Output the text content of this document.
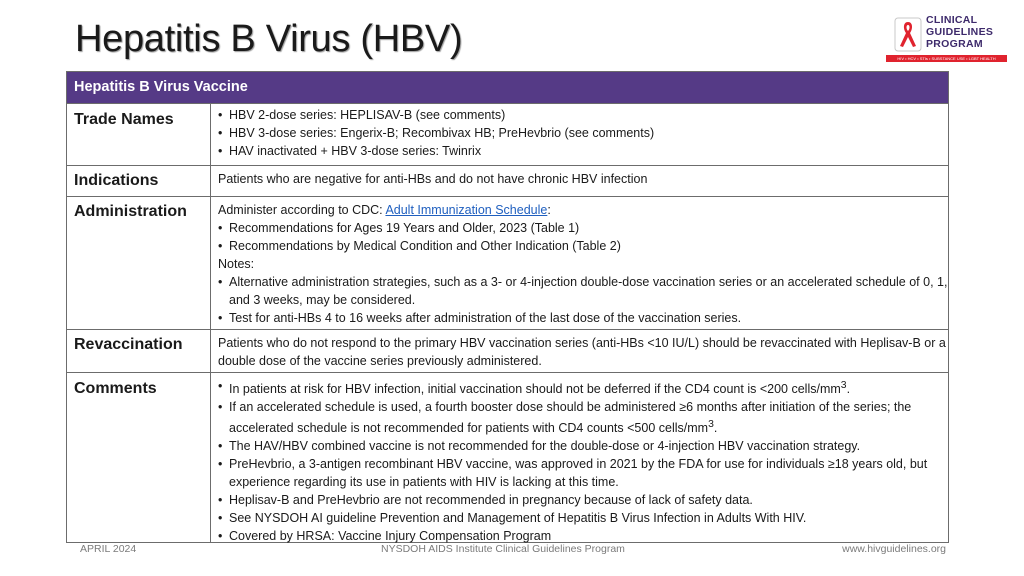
Hepatitis B Virus (HBV)	CLINICAL
GUIDELINES
PROGRAM
HIV • HCV • STIs • SUBSTANCE USE • LGBT HEALTH
Hepatitis B Virus Vaccine
Trade Names	• HBV 2-dose series: HEPLISAV-B (see comments)
• HBV 3-dose series: Engerix-B; Recombivax HB; PreHevbrio (see comments)
• HAV inactivated + HBV 3-dose series: Twinrix
Indications	Patients who are negative for anti-HBs and do not have chronic HBV infection
Administration	Administer according to CDC: Adult Immunization Schedule:
• Recommendations for Ages 19 Years and Older, 2023 (Table 1)
• Recommendations by Medical Condition and Other Indication (Table 2)
Notes:
• Alternative administration strategies, such as a 3- or 4-injection double-dose vaccination series or an accelerated schedule of 0, 1, and 3 weeks, may be considered.
• Test for anti-HBs 4 to 16 weeks after administration of the last dose of the vaccination series.
Revaccination	Patients who do not respond to the primary HBV vaccination series (anti-HBs <10 IU/L) should be revaccinated with Heplisav-B or a double dose of the vaccine series previously administered.
Comments	• In patients at risk for HBV infection, initial vaccination should not be deferred if the CD4 count is <200 cells/$mm^3$.
• If an accelerated schedule is used, a fourth booster dose should be administered ≥6 months after initiation of the series; the accelerated schedule is not recommended for patients with CD4 counts <500 cells/$mm^3$.
• The HAV/HBV combined vaccine is not recommended for the double-dose or 4-injection HBV vaccination strategy.
• PreHevbrio, a 3-antigen recombinant HBV vaccine, was approved in 2021 by the FDA for use for individuals ≥18 years old, but experience regarding its use in patients with HIV is lacking at this time.
• Heplisav-B and PreHevbrio are not recommended in pregnancy because of lack of safety data.
• See NYSDOH AI guideline Prevention and Management of Hepatitis B Virus Infection in Adults With HIV.
• Covered by HRSA: Vaccine Injury Compensation Program
APRIL 2024	NYSDOH AIDS Institute Clinical Guidelines Program	www.hivguidelines.org
